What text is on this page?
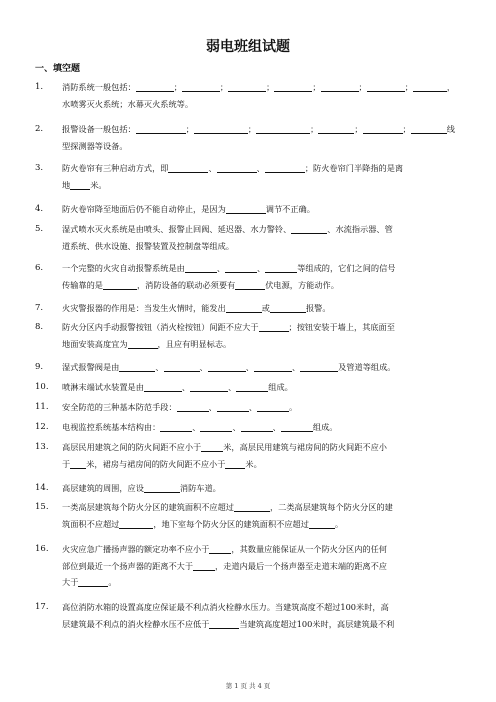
弱电班组试题
一、填空题
1.	消防系统一般包括：	；	；	；	；	；	；	，
水喷雾灭火系统；水幕灭火系统等。
2.	报警设备一般包括：	；	；	；	；	；	线
型探测器等设备。
3.	防火卷帘有三种启动方式，即	、	、	；防火卷帘门半降指的是离
地 米。
4.	防火卷帘降至地面后仍不能自动停止，是因为	调节不正确。
5.	湿式喷水灭火系统是由喷头、报警止回阀、延迟器、水力警铃、	、水流指示器、管
道系统、供水设施、报警装置及控制盘等组成。
6.	一个完整的火灾自动报警系统是由	、	、	等组成的，它们之间的信号
传输靠的是	，消防设备的联动必须要有	伏电源，方能动作。
7.	火灾警报器的作用是：当发生火情时，能发出	或	报警。
8.	防火分区内手动报警按钮（消火栓按钮）间距不应大于	；按钮安装于墙上，其底面至
地面安装高度宜为	，且应有明显标志。
9.	湿式报警阀是由	、	、	、	、	及管道等组成。
10.	喷淋末端试水装置是由	、	、	组成。
11.	安全防范的三种基本防范手段：	、	、	。
12.	电视监控系统基本结构由：	、	、	、	组成。
13.	高层民用建筑之间的防火间距不应小于	米，高层民用建筑与裙房间的防火间距不应小
于 米，裙房与裙房间的防火间距不应小于 米。
14.	高层建筑的周围，应设	消防车道。
15.	一类高层建筑每个防火分区的建筑面积不应超过	，二类高层建筑每个防火分区的建
筑面积不应超过	，地下室每个防火分区的建筑面积不应超过	。
16.	火灾应急广播扬声器的额定功率不应小于	，其数量应能保证从一个防火分区内的任何
部位到最近一个扬声器的距离不大于	，走道内最后一个扬声器至走道末端的距离不应
大于	。
17.	高位消防水箱的设置高度应保证最不利点消火栓静水压力。当建筑高度不超过100米时，高
层建筑最不利点的消火栓静水压不应低于	当建筑高度超过100米时，高层建筑最不利
第 1 页 共 4 页
